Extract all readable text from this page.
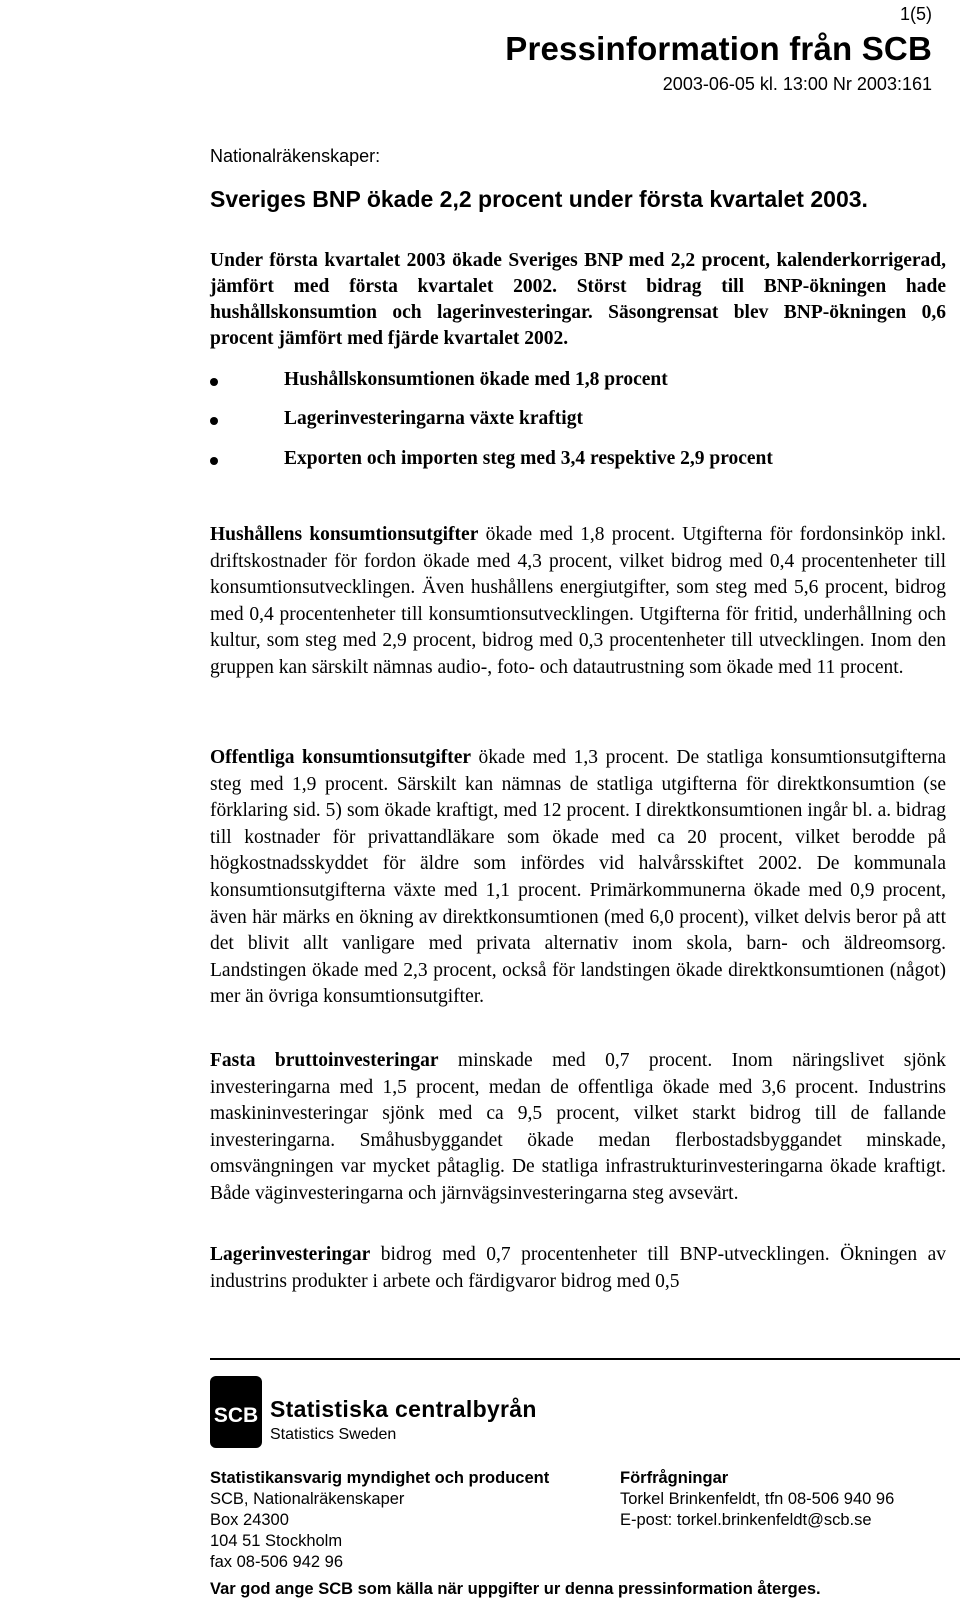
1(5)
Pressinformation från SCB
2003-06-05 kl. 13:00 Nr 2003:161
Nationalräkenskaper:
Sveriges BNP ökade 2,2 procent under första kvartalet 2003.
Under första kvartalet 2003 ökade Sveriges BNP med 2,2 procent, kalenderkorrigerad, jämfört med första kvartalet 2002. Störst bidrag till BNP-ökningen hade hushållskonsumtion och lagerinvesteringar. Säsongrensat blev BNP-ökningen 0,6 procent jämfört med fjärde kvartalet 2002.
Hushållskonsumtionen ökade med 1,8 procent
Lagerinvesteringarna växte kraftigt
Exporten och importen steg med 3,4 respektive 2,9 procent
Hushållens konsumtionsutgifter ökade med 1,8 procent. Utgifterna för fordonsinköp inkl. driftskostnader för fordon ökade med 4,3 procent, vilket bidrog med 0,4 procentenheter till konsumtionsutvecklingen. Även hushållens energiutgifter, som steg med 5,6 procent, bidrog med 0,4 procentenheter till konsumtionsutvecklingen. Utgifterna för fritid, underhållning och kultur, som steg med 2,9 procent, bidrog med 0,3 procentenheter till utvecklingen. Inom den gruppen kan särskilt nämnas audio-, foto- och datautrustning som ökade med 11 procent.
Offentliga konsumtionsutgifter ökade med 1,3 procent. De statliga konsumtionsutgifterna steg med 1,9 procent. Särskilt kan nämnas de statliga utgifterna för direktkonsumtion (se förklaring sid. 5) som ökade kraftigt, med 12 procent. I direktkonsumtionen ingår bl. a. bidrag till kostnader för privattandläkare som ökade med ca 20 procent, vilket berodde på högkostnadsskyddet för äldre som infördes vid halvårsskiftet 2002. De kommunala konsumtionsutgifterna växte med 1,1 procent. Primärkommunerna ökade med 0,9 procent, även här märks en ökning av direktkonsumtionen (med 6,0 procent), vilket delvis beror på att det blivit allt vanligare med privata alternativ inom skola, barn- och äldreomsorg. Landstingen ökade med 2,3 procent, också för landstingen ökade direktkonsumtionen (något) mer än övriga konsumtionsutgifter.
Fasta bruttoinvesteringar minskade med 0,7 procent. Inom näringslivet sjönk investeringarna med 1,5 procent, medan de offentliga ökade med 3,6 procent. Industrins maskininvesteringar sjönk med ca 9,5 procent, vilket starkt bidrog till de fallande investeringarna. Småhusbyggandet ökade medan flerbostadsbyggandet minskade, omsvängningen var mycket påtaglig. De statliga infrastrukturinvesteringarna ökade kraftigt. Både väginvesteringarna och järnvägsinvesteringarna steg avsevärt.
Lagerinvesteringar bidrog med 0,7 procentenheter till BNP-utvecklingen. Ökningen av industrins produkter i arbete och färdigvaror bidrog med 0,5
SCB Statistiska centralbyrån
Statistics Sweden
Statistikansvarig myndighet och producent
SCB, Nationalräkenskaper
Box 24300
104 51 Stockholm
fax 08-506 942 96
Förfrågningar
Torkel Brinkenfeldt, tfn 08-506 940 96
E-post: torkel.brinkenfeldt@scb.se
Var god ange SCB som källa när uppgifter ur denna pressinformation återges.
